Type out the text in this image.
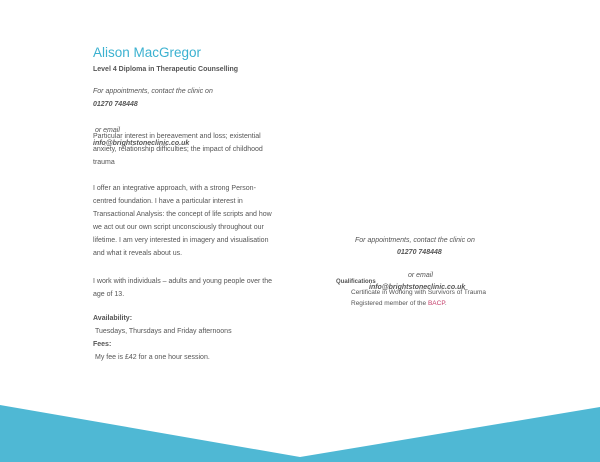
Alison MacGregor
Level 4 Diploma in Therapeutic Counselling
For appointments, contact the clinic on
01270 748448
or email
info@brightstoneclinic.co.uk
Particular interest in bereavement and loss; existential
anxiety, relationship difficulties; the impact of childhood
trauma
I offer an integrative approach, with a strong Person-
centred foundation. I have a particular interest in
Transactional Analysis: the concept of life scripts and how
we act out our own script unconsciously throughout our
lifetime. I am very interested in imagery and visualisation
and what it reveals about us.
I work with individuals – adults and young people over the
age of 13.
Availability:
Tuesdays, Thursdays and Friday afternoons
Fees:
My fee is £42 for a one hour session.
For appointments, contact the clinic on
01270 748448
or email
info@brightstoneclinic.co.uk
Qualifications
Certificate in Working with Survivors of Trauma
Registered member of the BACP.
